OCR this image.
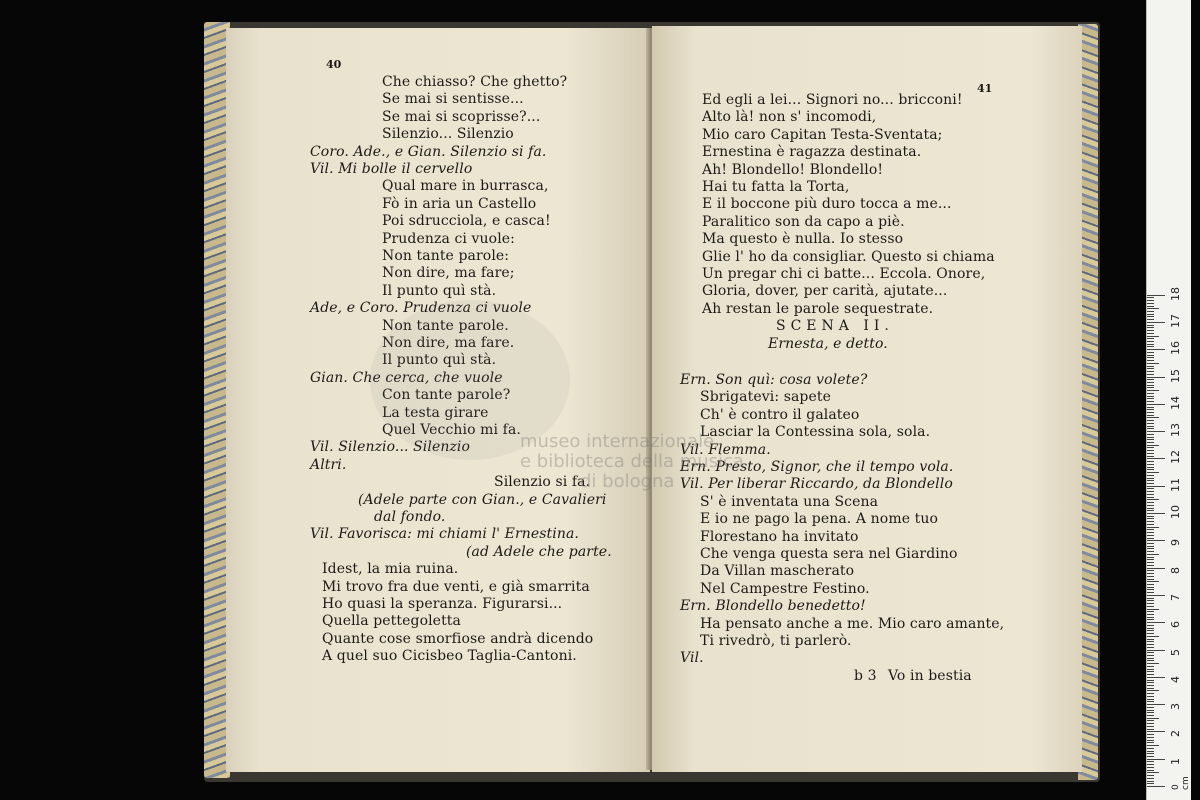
40
Che chiasso? Che ghetto?
Se mai si sentisse...
Se mai si scoprisse?...
Silenzio... Silenzio
Coro. Ade., e Gian. Silenzio si fa.
Vil. Mi bolle il cervello
Qual mare in burrasca,
Fò in aria un Castello
Poi sdrucciola, e casca!
Prudenza ci vuole:
Non tante parole:
Non dire, ma fare;
Il punto quì stà.
Ade, e Coro. Prudenza ci vuole
Non tante parole.
Non dire, ma fare.
Il punto quì stà.
Gian. Che cerca, che vuole
Con tante parole?
La testa girare
Quel Vecchio mi fa.
Vil. Silenzio... Silenzio
Altri.
Silenzio si fa.
(Adele parte con Gian., e Cavalieri
dal fondo.
Vil. Favorisca: mi chiami l' Ernestina.
(ad Adele che parte.
Idest, la mia ruina.
Mi trovo fra due venti, e già smarrita
Ho quasi la speranza. Figurarsi...
Quella pettegoletta
Quante cose smorfiose andrà dicendo
A quel suo Cicisbeo Taglia-Cantoni.
41
Ed egli a lei... Signori no... bricconi!
Alto là! non s' incomodi,
Mio caro Capitan Testa-Sventata;
Ernestina è ragazza destinata.
Ah! Blondello! Blondello!
Hai tu fatta la Torta,
E il boccone più duro tocca a me...
Paralitico son da capo a piè.
Ma questo è nulla. Io stesso
Glie l' ho da consigliar. Questo si chiama
Un pregar chi ci batte... Eccola. Onore,
Gloria, dover, per carità, ajutate...
Ah restan le parole sequestrate.
SCENA II.
Ernesta, e detto.
Ern. Son quì: cosa volete?
Sbrigatevi: sapete
Ch' è contro il galateo
Lasciar la Contessina sola, sola.
Vil. Flemma.
Ern. Presto, Signor, che il tempo vola.
Vil. Per liberar Riccardo, da Blondello
S' è inventata una Scena
E io ne pago la pena. A nome tuo
Florestano ha invitato
Che venga questa sera nel Giardino
Da Villan mascherato
Nel Campestre Festino.
Ern. Blondello benedetto!
Ha pensato anche a me. Mio caro amante,
Ti rivedrò, ti parlerò.
Vil.
Vo in bestia
b 3
museo internazionale
e biblioteca della musica
di bologna
1
2
3
4
5
6
7
8
9
10
11
12
13
14
15
16
17
18
0 cm
